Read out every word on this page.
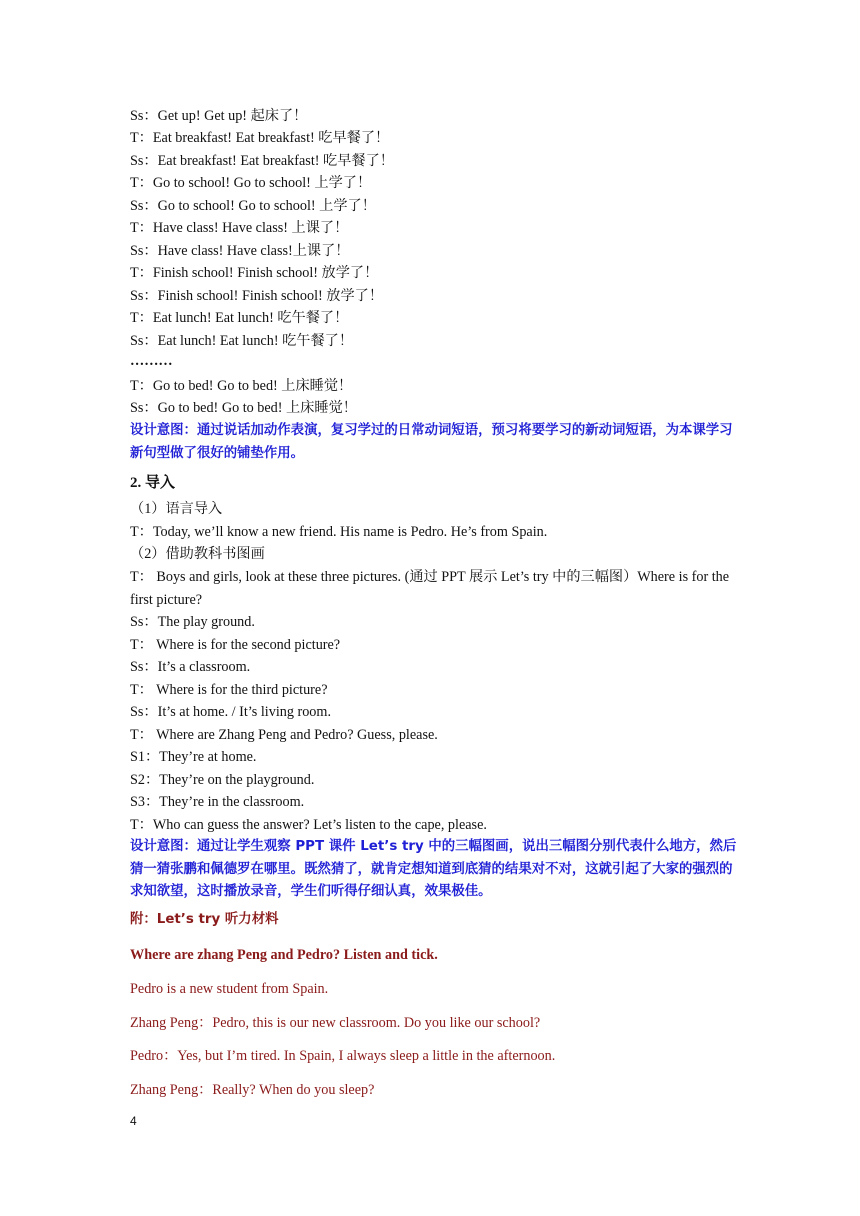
Ss：Get up! Get up! 起床了！
T：Eat breakfast! Eat breakfast! 吃早餐了！
Ss：Eat breakfast! Eat breakfast! 吃早餐了！
T：Go to school! Go to school! 上学了！
Ss：Go to school! Go to school! 上学了！
T：Have class! Have class! 上课了！
Ss：Have class! Have class!上课了！
T：Finish school! Finish school! 放学了！
Ss：Finish school! Finish school! 放学了！
T：Eat lunch! Eat lunch! 吃午餐了！
Ss：Eat lunch! Eat lunch! 吃午餐了！
………
T：Go to bed! Go to bed! 上床睡觉！
Ss：Go to bed! Go to bed! 上床睡觉！
设计意图：通过说话加动作表演，复习学过的日常动词短语，预习将要学习的新动词短语，为本课学习新句型做了很好的铺垫作用。
2. 导入
（1）语言导入
T：Today, we’ll know a new friend. His name is Pedro. He’s from Spain.
（2）借助教科书图画
T： Boys and girls, look at these three pictures. (通过 PPT 展示 Let’s try 中的三幅图）Where is for the first picture?
Ss：The play ground.
T： Where is for the second picture?
Ss：It’s a classroom.
T： Where is for the third picture?
Ss：It’s at home. / It’s living room.
T： Where are Zhang Peng and Pedro? Guess, please.
S1：They’re at home.
S2：They’re on the playground.
S3：They’re in the classroom.
T：Who can guess the answer? Let’s listen to the cape, please.
设计意图：通过让学生观察 PPT 课件 Let’s try 中的三幅图画，说出三幅图分别代表什么地方，然后猜一猜张鹏和佩德罗在哪里。既然猜了，就肯定想知道到底猜的结果对不对，这就引起了大家的强烈的求知欲望，这时播放录音，学生们听得仔细认真，效果极佳。
附：Let’s try 听力材料
Where are zhang Peng and Pedro? Listen and tick.
Pedro is a new student from Spain.
Zhang Peng：Pedro, this is our new classroom. Do you like our school?
Pedro：Yes, but I’m tired. In Spain, I always sleep a little in the afternoon.
Zhang Peng：Really? When do you sleep?
4
